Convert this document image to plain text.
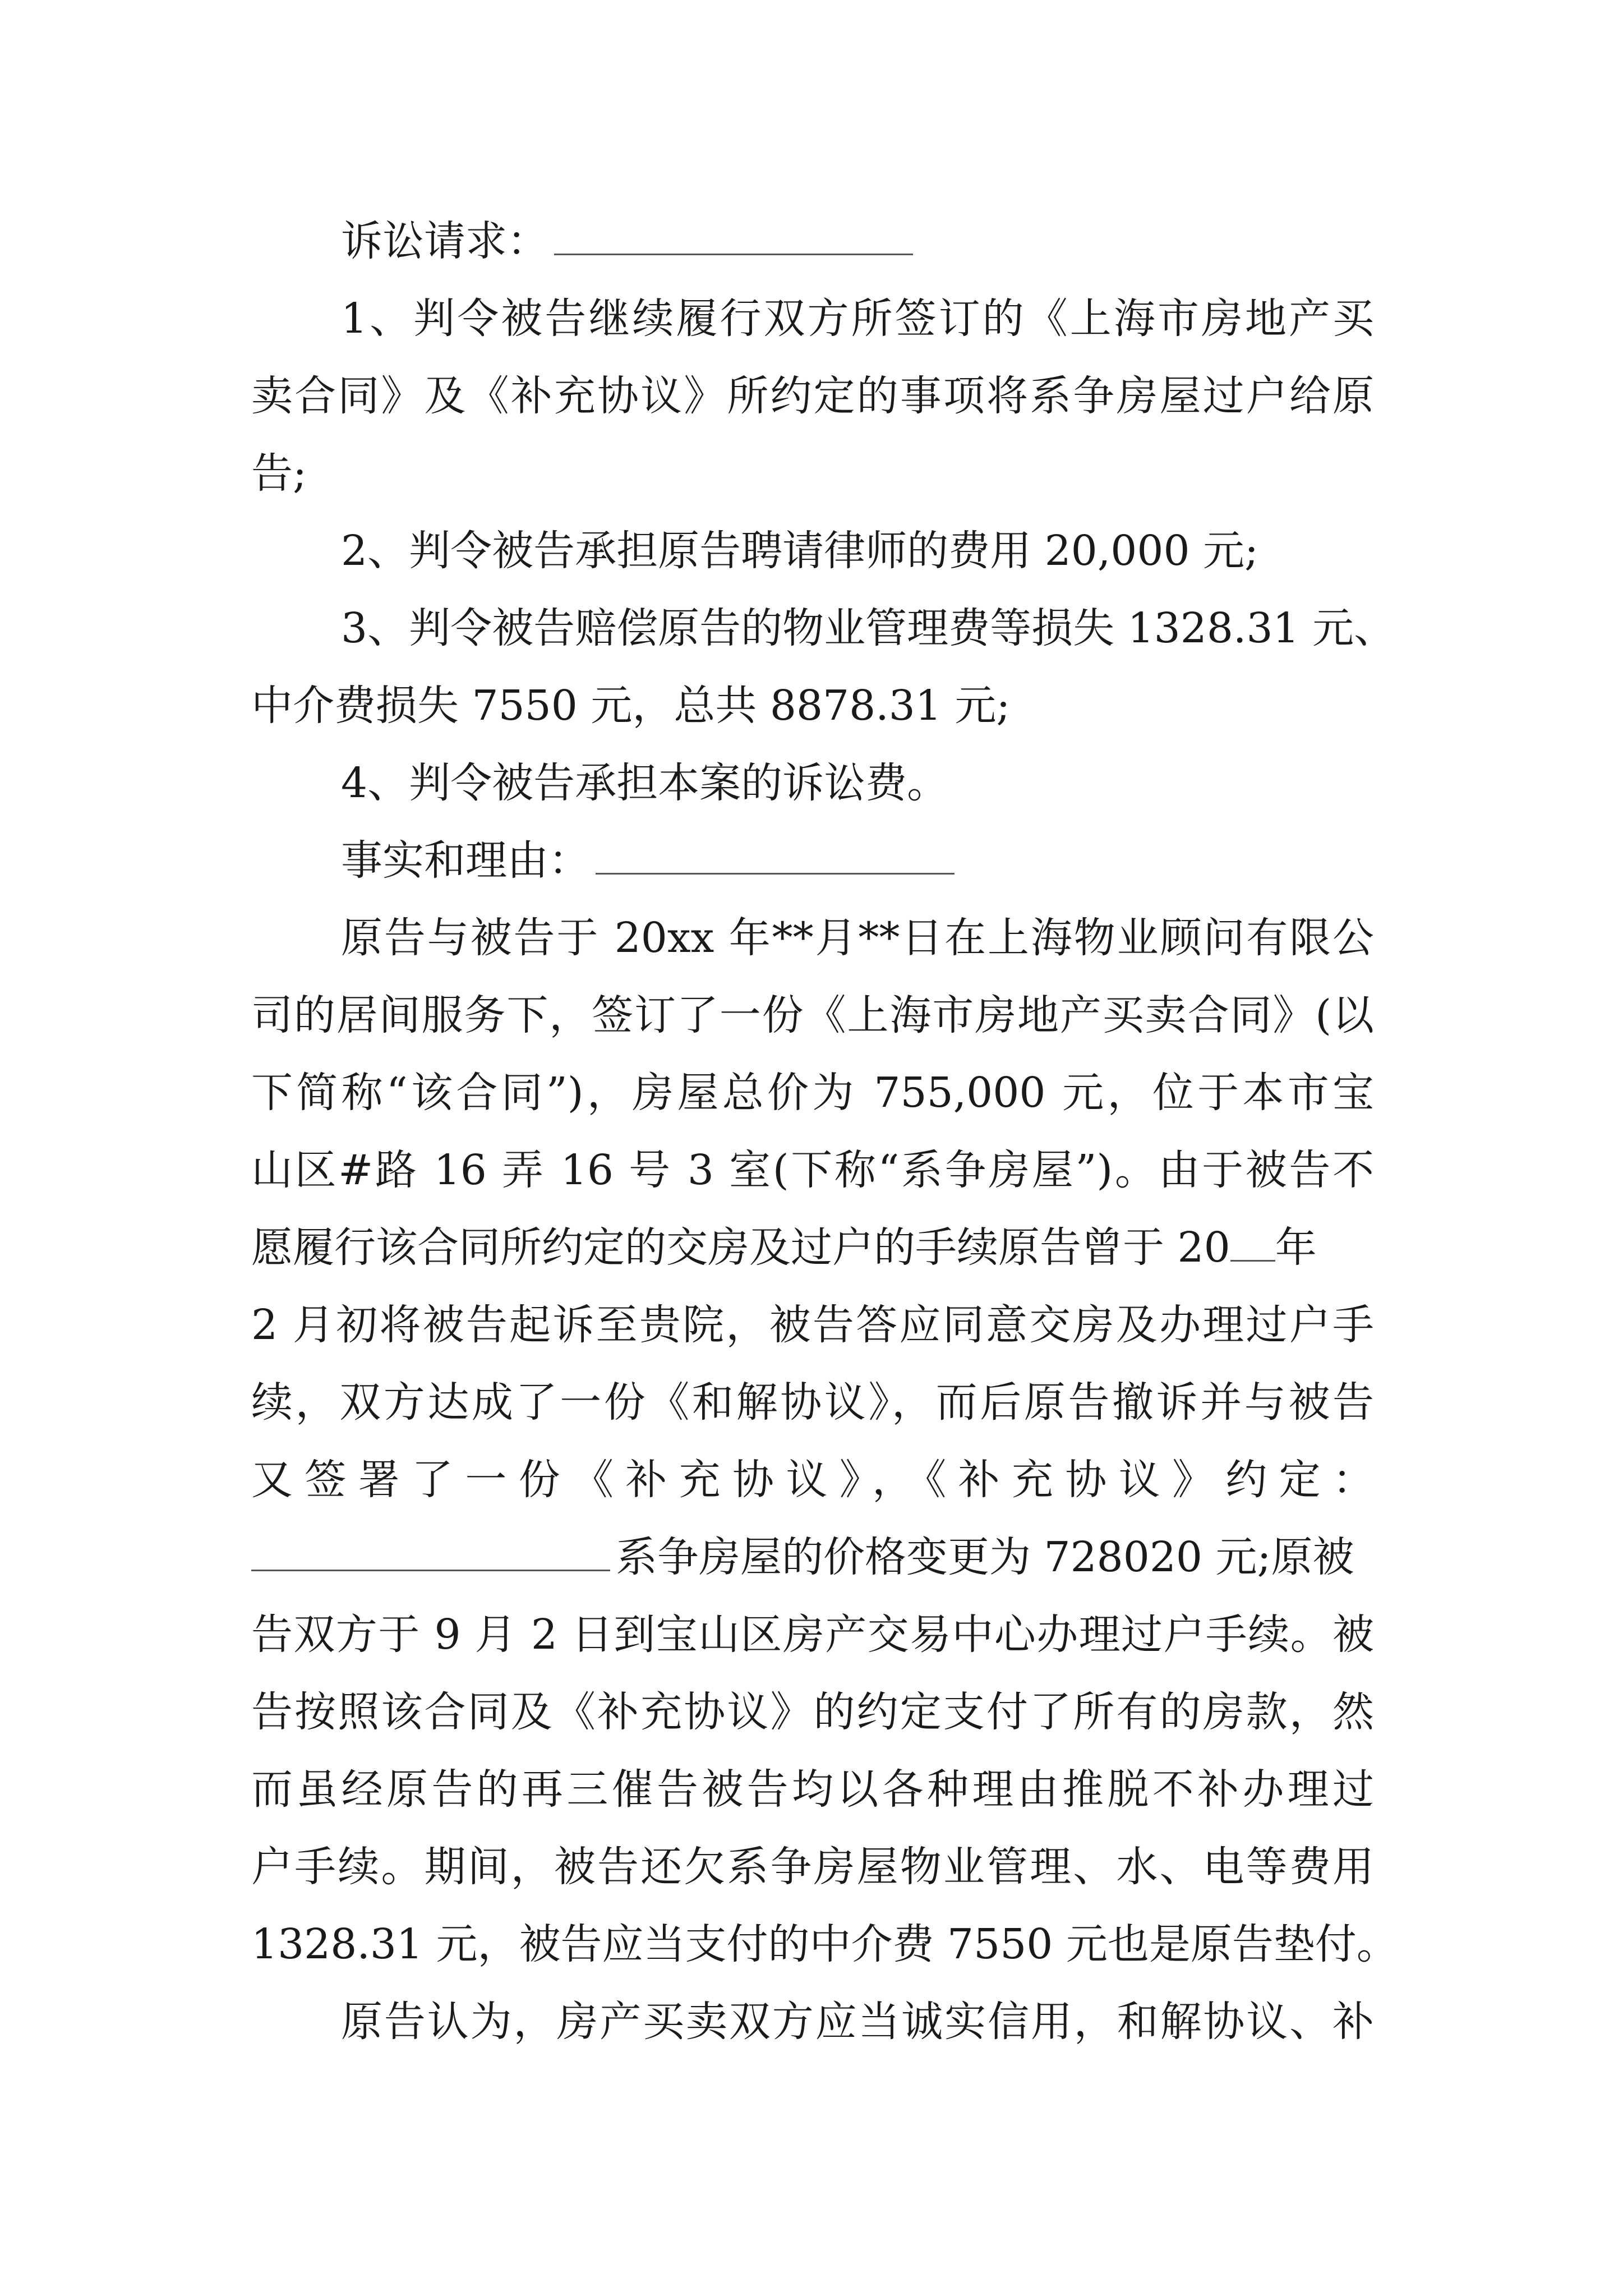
诉讼请求：
1、判令被告继续履行双方所签订的《上海市房地产买
卖合同》及《补充协议》所约定的事项将系争房屋过户给原
告;
2、判令被告承担原告聘请律师的费用 20,000 元;
3、判令被告赔偿原告的物业管理费等损失 1328.31 元、
中介费损失 7550 元，总共 8878.31 元;
4、判令被告承担本案的诉讼费。
事实和理由：
原告与被告于 20xx 年**月**日在上海物业顾问有限公
司的居间服务下，签订了一份《上海市房地产买卖合同》(以
下简称“该合同”)，房屋总价为 755,000 元，位于本市宝
山区#路 16 弄 16 号 3 室(下称“系争房屋”)。由于被告不
愿履行该合同所约定的交房及过户的手续原告曾于 20 年
2 月初将被告起诉至贵院，被告答应同意交房及办理过户手
续，双方达成了一份《和解协议》，而后原告撤诉并与被告
又签署了一份《补充协议》，《补充协议》约定：
系争房屋的价格变更为 728020 元;原被
告双方于 9 月 2 日到宝山区房产交易中心办理过户手续。被
告按照该合同及《补充协议》的约定支付了所有的房款，然
而虽经原告的再三催告被告均以各种理由推脱不补办理过
户手续。期间，被告还欠系争房屋物业管理、水、电等费用
1328.31 元，被告应当支付的中介费 7550 元也是原告垫付。
原告认为，房产买卖双方应当诚实信用，和解协议、补
